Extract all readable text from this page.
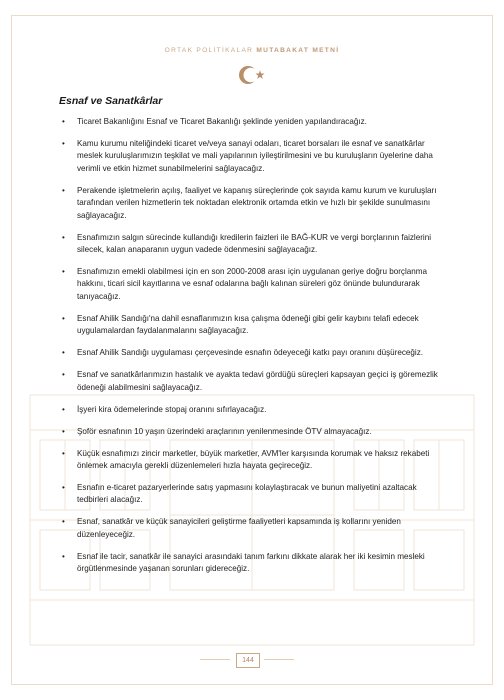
ORTAK POLİTİKALAR MUTABAKAT METNİ
Esnaf ve Sanatkârlar
• Ticaret Bakanlığını Esnaf ve Ticaret Bakanlığı şeklinde yeniden yapılandıracağız.
• Kamu kurumu niteliğindeki ticaret ve/veya sanayi odaları, ticaret borsaları ile esnaf ve sanatkârlar meslek kuruluşlarımızın teşkilat ve mali yapılarının iyileştirilmesini ve bu kuruluşların üyelerine daha verimli ve etkin hizmet sunabilmelerini sağlayacağız.
• Perakende işletmelerin açılış, faaliyet ve kapanış süreçlerinde çok sayıda kamu kurum ve kuruluşları tarafından verilen hizmetlerin tek noktadan elektronik ortamda etkin ve hızlı bir şekilde sunulmasını sağlayacağız.
• Esnafımızın salgın sürecinde kullandığı kredilerin faizleri ile BAĞ-KUR ve vergi borçlarının faizlerini silecek, kalan anaparanın uygun vadede ödenmesini sağlayacağız.
• Esnafımızın emekli olabilmesi için en son 2000-2008 arası için uygulanan geriye doğru borçlanma hakkını, ticari sicil kayıtlarına ve esnaf odalarına bağlı kalınan süreleri göz önünde bulundurarak tanıyacağız.
• Esnaf Ahilik Sandığı'na dahil esnaflarımızın kısa çalışma ödeneği gibi gelir kaybını telafi edecek uygulamalardan faydalanmalarını sağlayacağız.
• Esnaf Ahilik Sandığı uygulaması çerçevesinde esnafın ödeyeceği katkı payı oranını düşüreceğiz.
• Esnaf ve sanatkârlarımızın hastalık ve ayakta tedavi gördüğü süreçleri kapsayan geçici iş göremezlik ödeneği alabilmesini sağlayacağız.
• İşyeri kira ödemelerinde stopaj oranını sıfırlayacağız.
• Şoför esnafının 10 yaşın üzerindeki araçlarının yenilenmesinde ÖTV almayacağız.
• Küçük esnafımızı zincir marketler, büyük marketler, AVM'ler karşısında korumak ve haksız rekabeti önlemek amacıyla gerekli düzenlemeleri hızla hayata geçireceğiz.
• Esnafın e-ticaret pazaryerlerinde satış yapmasını kolaylaştıracak ve bunun maliyetini azaltacak tedbirleri alacağız.
• Esnaf, sanatkâr ve küçük sanayicileri geliştirme faaliyetleri kapsamında iş kollarını yeniden düzenleyeceğiz.
• Esnaf ile tacir, sanatkâr ile sanayici arasındaki tanım farkını dikkate alarak her iki kesimin mesleki örgütlenmesinde yaşanan sorunları gidereceğiz.
144
